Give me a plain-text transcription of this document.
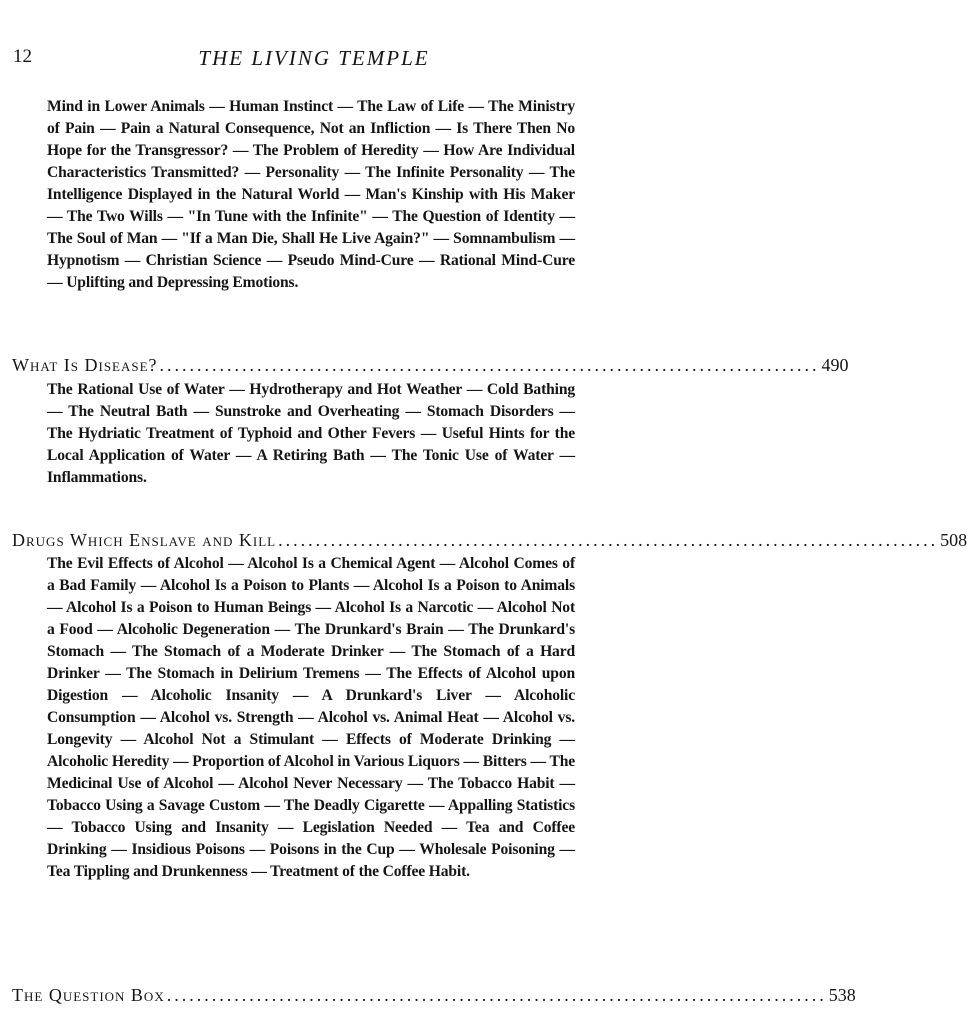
12	THE LIVING TEMPLE
Mind in Lower Animals — Human Instinct — The Law of Life — The Ministry of Pain — Pain a Natural Consequence, Not an Infliction — Is There Then No Hope for the Transgressor? — The Problem of Heredity — How Are Individual Characteristics Transmitted? — Personality — The Infinite Personality — The Intelligence Displayed in the Natural World — Man's Kinship with His Maker — The Two Wills — "In Tune with the Infinite" — The Question of Identity — The Soul of Man — "If a Man Die, Shall He Live Again?" — Somnambulism — Hypnotism — Christian Science — Pseudo Mind-Cure — Rational Mind-Cure — Uplifting and Depressing Emotions.
What Is Disease? ........................................................................................ 490
The Rational Use of Water — Hydrotherapy and Hot Weather — Cold Bathing — The Neutral Bath — Sunstroke and Overheating — Stomach Disorders — The Hydriatic Treatment of Typhoid and Other Fevers — Useful Hints for the Local Application of Water — A Retiring Bath — The Tonic Use of Water — Inflammations.
Drugs Which Enslave and Kill ........................................................................................ 508
The Evil Effects of Alcohol — Alcohol Is a Chemical Agent — Alcohol Comes of a Bad Family — Alcohol Is a Poison to Plants — Alcohol Is a Poison to Animals — Alcohol Is a Poison to Human Beings — Alcohol Is a Narcotic — Alcohol Not a Food — Alcoholic Degeneration — The Drunkard's Brain — The Drunkard's Stomach — The Stomach of a Moderate Drinker — The Stomach of a Hard Drinker — The Stomach in Delirium Tremens — The Effects of Alcohol upon Digestion — Alcoholic Insanity — A Drunkard's Liver — Alcoholic Consumption — Alcohol vs. Strength — Alcohol vs. Animal Heat — Alcohol vs. Longevity — Alcohol Not a Stimulant — Effects of Moderate Drinking — Alcoholic Heredity — Proportion of Alcohol in Various Liquors — Bitters — The Medicinal Use of Alcohol — Alcohol Never Necessary — The Tobacco Habit — Tobacco Using a Savage Custom — The Deadly Cigarette — Appalling Statistics — Tobacco Using and Insanity — Legislation Needed — Tea and Coffee Drinking — Insidious Poisons — Poisons in the Cup — Wholesale Poisoning — Tea Tippling and Drunkenness — Treatment of the Coffee Habit.
The Question Box ........................................................................................ 538
